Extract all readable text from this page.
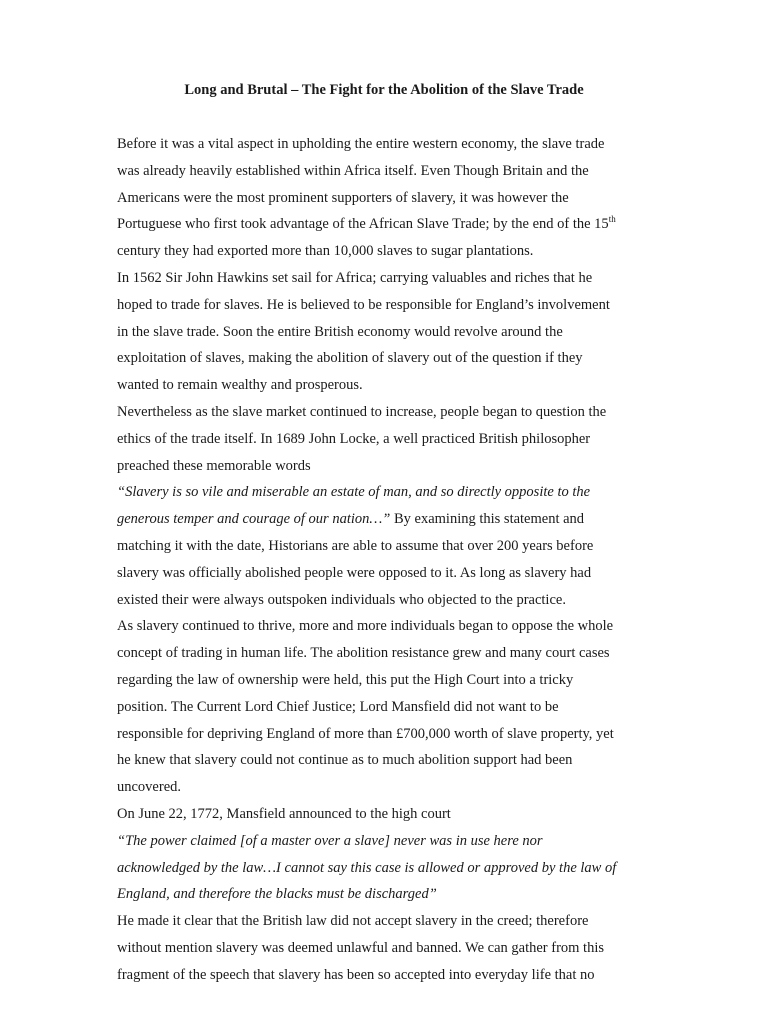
Long and Brutal – The Fight for the Abolition of the Slave Trade

Before it was a vital aspect in upholding the entire western economy, the slave trade

was already heavily established within Africa itself. Even Though Britain and the

Americans were the most prominent supporters of slavery, it was however the

Portuguese who first took advantage of the African Slave Trade; by the end of the 15th

century they had exported more than 10,000 slaves to sugar plantations.

In 1562 Sir John Hawkins set sail for Africa; carrying valuables and riches that he

hoped to trade for slaves. He is believed to be responsible for England’s involvement

in the slave trade. Soon the entire British economy would revolve around the

exploitation of slaves, making the abolition of slavery out of the question if they

wanted to remain wealthy and prosperous.

Nevertheless as the slave market continued to increase, people began to question the

ethics of the trade itself. In 1689 John Locke, a well practiced British philosopher

preached these memorable words

“Slavery is so vile and miserable an estate of man, and so directly opposite to the

generous temper and courage of our nation…” By examining this statement and

matching it with the date, Historians are able to assume that over 200 years before

slavery was officially abolished people were opposed to it. As long as slavery had

existed their were always outspoken individuals who objected to the practice.

As slavery continued to thrive, more and more individuals began to oppose the whole

concept of trading in human life. The abolition resistance grew and many court cases

regarding the law of ownership were held, this put the High Court into a tricky

position. The Current Lord Chief Justice; Lord Mansfield did not want to be

responsible for depriving England of more than £700,000 worth of slave property, yet

he knew that slavery could not continue as to much abolition support had been

uncovered.

On June 22, 1772, Mansfield announced to the high court

“The power claimed [of a master over a slave] never was in use here nor

acknowledged by the law…I cannot say this case is allowed or approved by the law of

England, and therefore the blacks must be discharged”

He made it clear that the British law did not accept slavery in the creed; therefore

without mention slavery was deemed unlawful and banned. We can gather from this

fragment of the speech that slavery has been so accepted into everyday life that no
